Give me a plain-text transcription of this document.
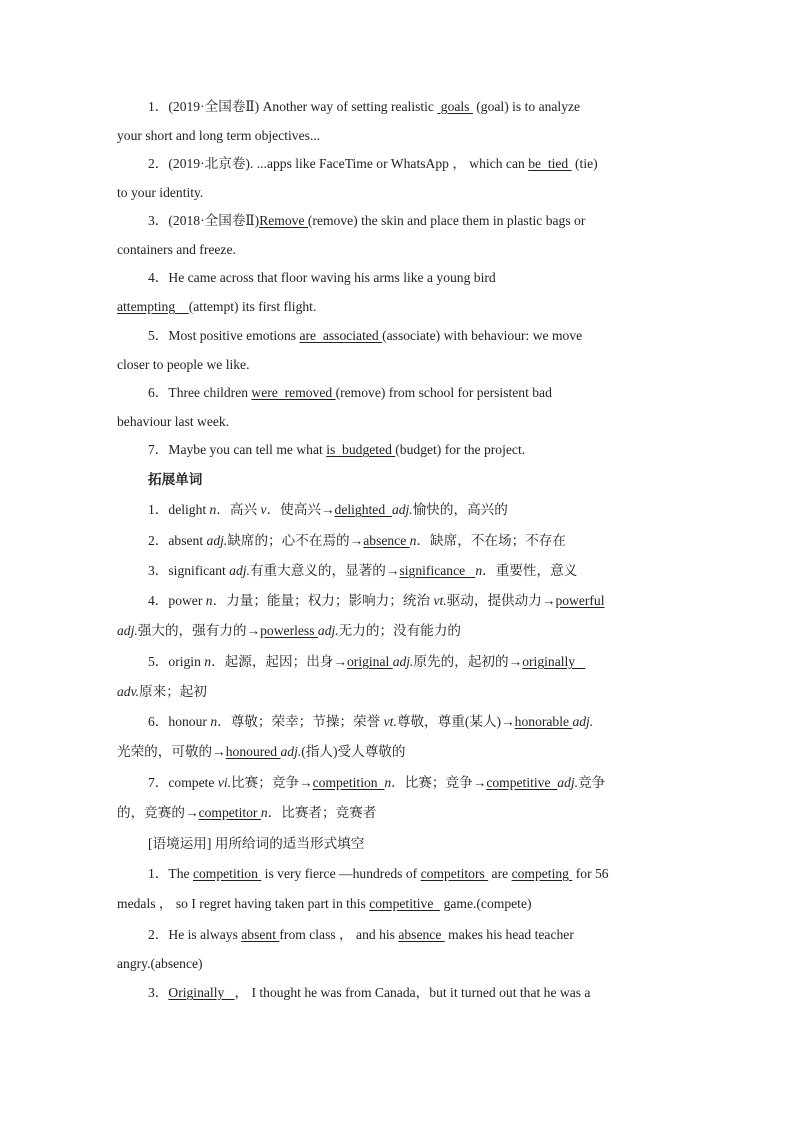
1．(2019·全国卷Ⅱ) Another way of setting realistic  goals  (goal) is to analyze
your short and long term objectives...
2．(2019·北京卷). ...apps like FaceTime or WhatsApp ， which can be  tied  (tie)
to your identity.
3．(2018·全国卷Ⅱ)Remove (remove) the skin and place them in plastic bags or
containers and freeze.
4．He came across that floor waving his arms like a young bird
attempting    (attempt) its first flight.
5．Most positive emotions are  associated (associate) with behaviour: we move
closer to people we like.
6．Three children were  removed (remove) from school for persistent bad
behaviour last week.
7．Maybe you can tell me what is  budgeted (budget) for the project.
拓展单词
1．delight n．高兴 v．使高兴→delighted  adj.愉快的，高兴的
2．absent adj.缺席的；心不在焉的→absence n．缺席，不在场；不存在
3．significant adj.有重大意义的，显著的→significance   n．重要性，意义
4．power n．力量；能量；权力；影响力；统治 vt.驱动，提供动力→powerful
adj.强大的，强有力的→powerless adj.无力的；没有能力的
5．origin n．起源，起因；出身→original adj.原先的，起初的→originally
adv.原来；起初
6．honour n．尊敬；荣幸；节操；荣誉 vt.尊敬，尊重(某人)→honorable adj.
光荣的，可敬的→honoured adj.(指人)受人尊敬的
7．compete vi.比赛；竞争→competition  n．比赛；竞争→competitive  adj.竞争
的，竞赛的→competitor n．比赛者；竞赛者
[语境运用] 用所给词的适当形式填空
1．The competition  is very fierce —hundreds of competitors  are competing  for 56
medals ， so I regret having taken part in this competitive   game.(compete)
2．He is always absent from class ， and his absence  makes his head teacher
angry.(absence)
3．Originally   ， I thought he was from Canada，but it turned out that he was a
